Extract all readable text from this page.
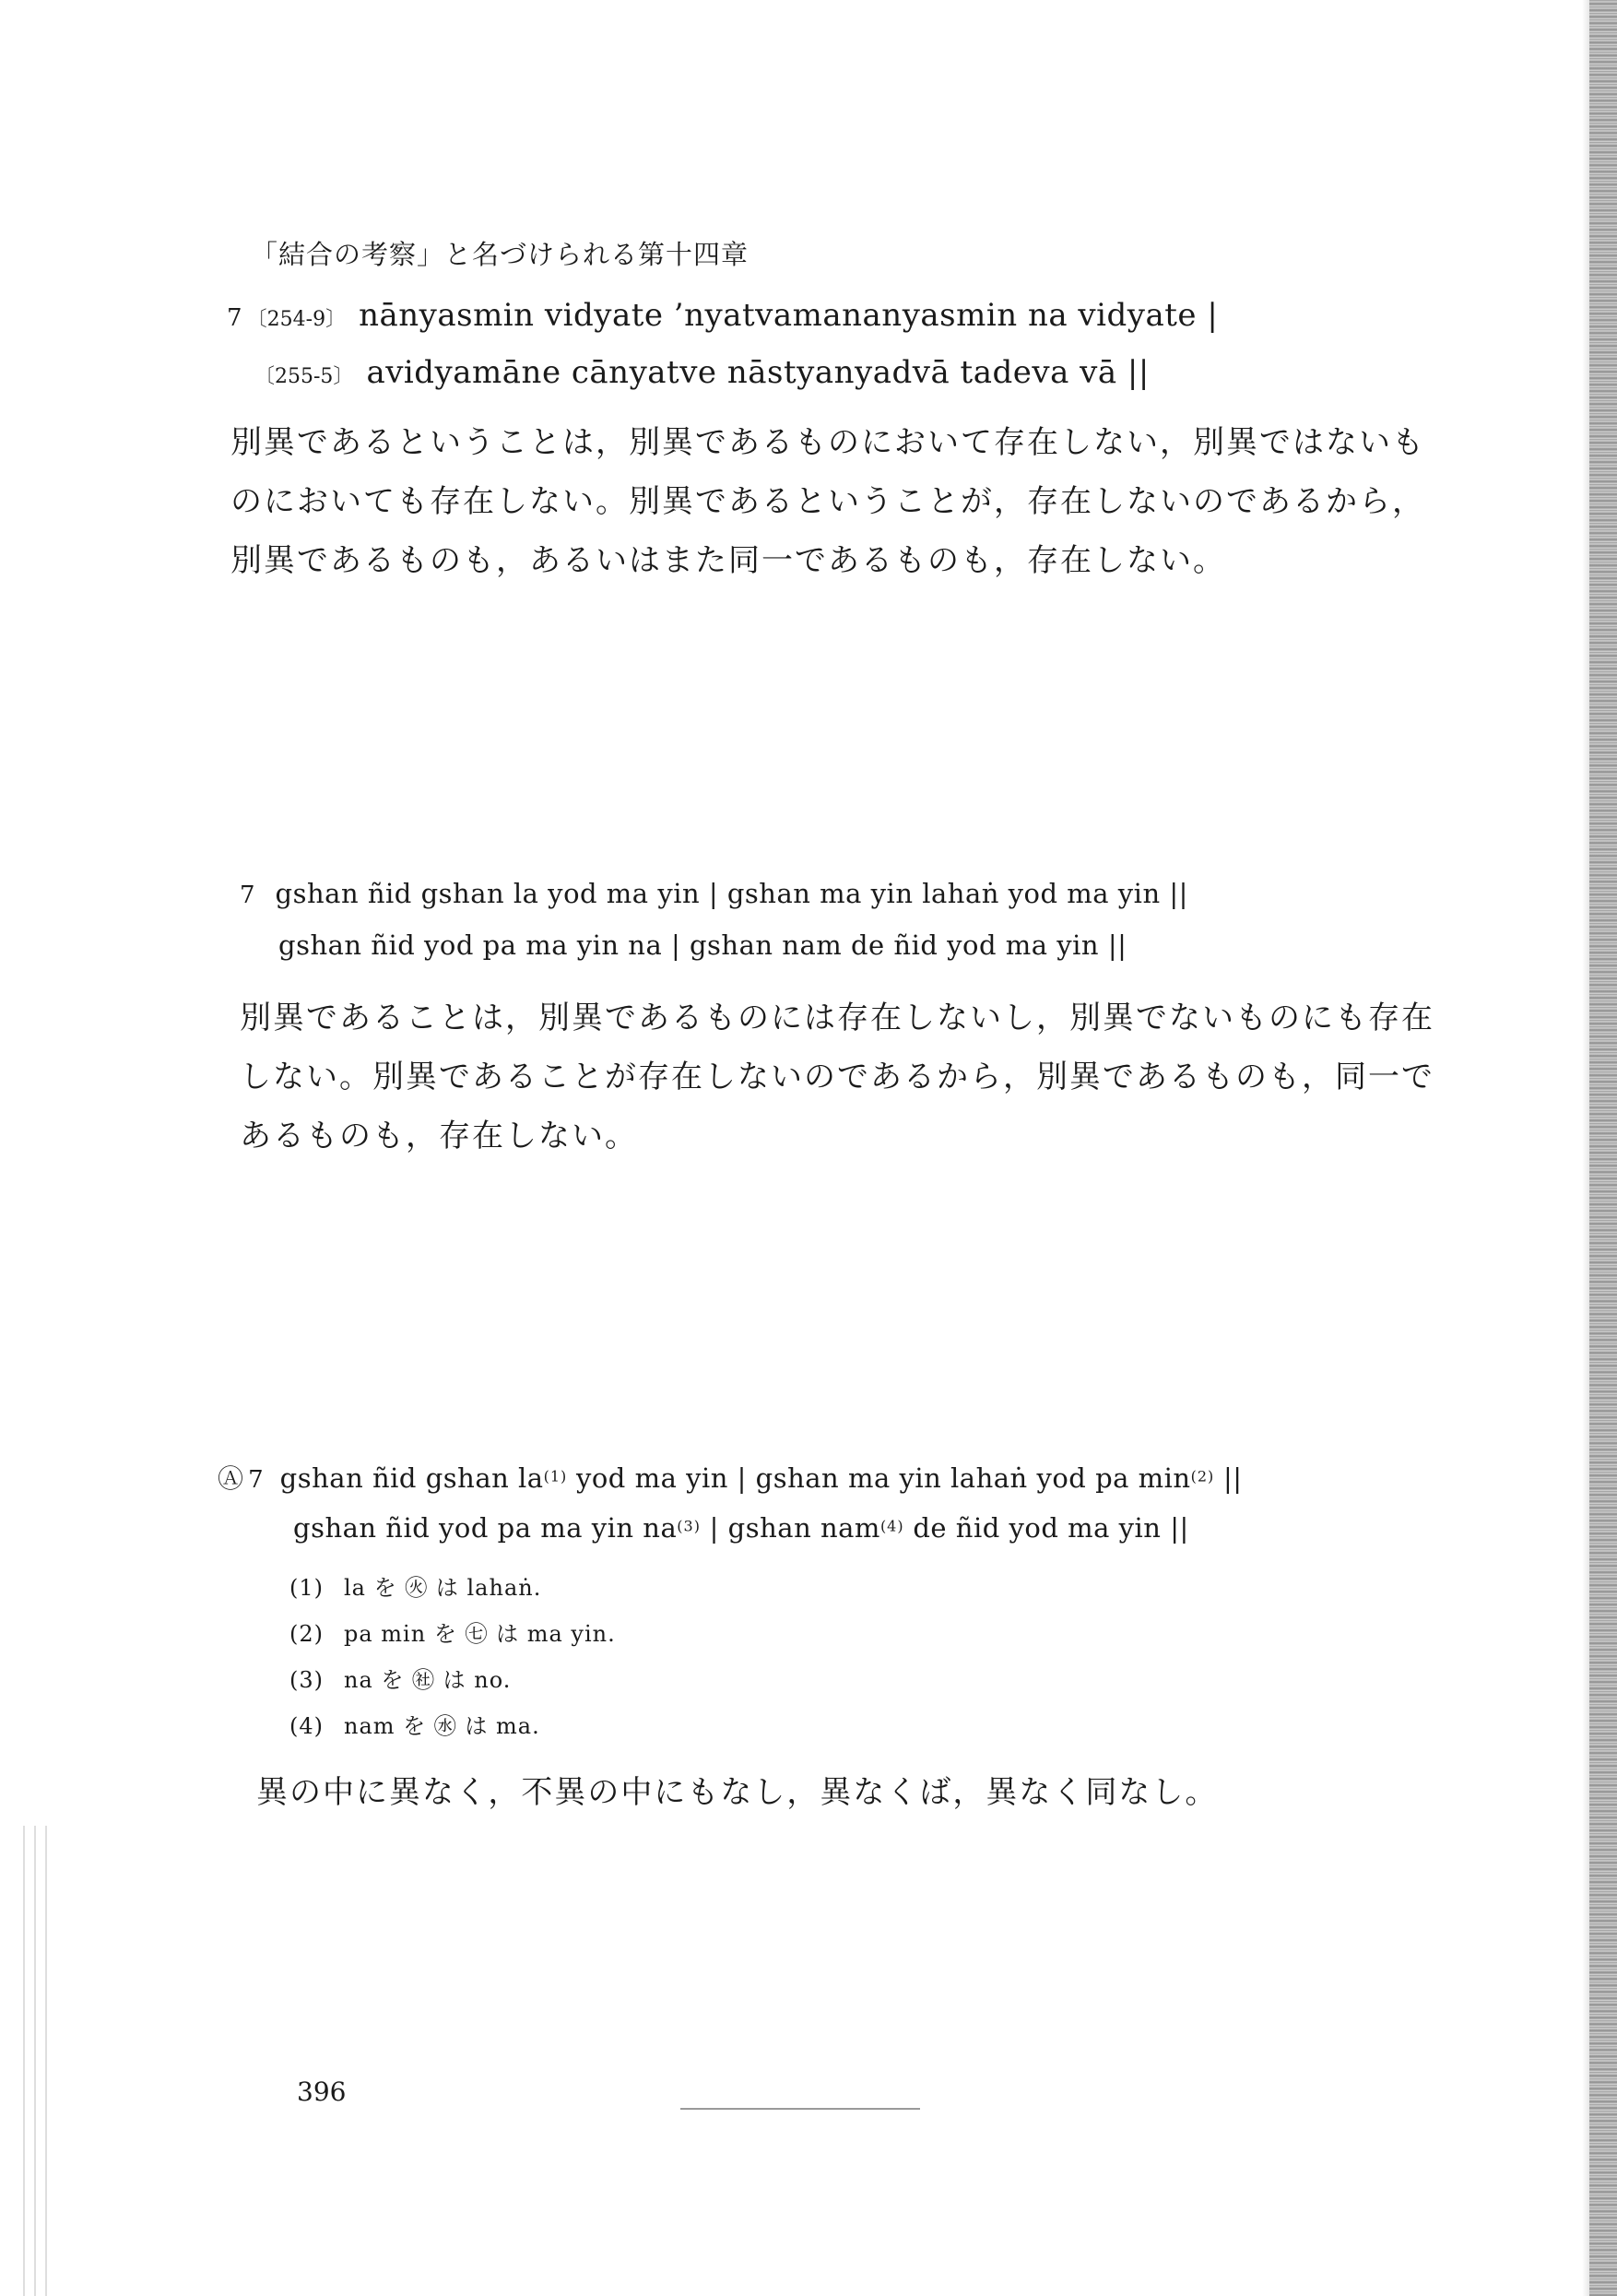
「結合の考察」と名づけられる第十四章

7 〔254-9〕 nānyasmin vidyate ’nyatvamananyasmin na vidyate |

〔255-5〕 avidyamāne cānyatve nāstyanyadvā tadeva vā ||

別異であるということは，別異であるものにおいて存在しない，別異ではないも

のにおいても存在しない。別異であるということが，存在しないのであるから，

別異であるものも，あるいはまた同一であるものも，存在しない。

7 gshan ñid gshan la yod ma yin | gshan ma yin lahaṅ yod ma yin ||

gshan ñid yod pa ma yin na | gshan nam de ñid yod ma yin ||

別異であることは，別異であるものには存在しないし，別異でないものにも存在

しない。別異であることが存在しないのであるから，別異であるものも，同一で

あるものも，存在しない。

Ⓐ 7 gshan ñid gshan la$^{(1)}$ yod ma yin | gshan ma yin lahaṅ yod pa min$^{(2)}$ ||

gshan ñid yod pa ma yin na$^{(3)}$ | gshan nam$^{(4)}$ de ñid yod ma yin ||

(1) la を ㊋ は lahaṅ.

(2) pa min を ㊆ は ma yin.

(3) na を ㊓ は no.

(4) nam を ㊌ は ma.

異の中に異なく，不異の中にもなし，異なくば，異なく同なし。

396
